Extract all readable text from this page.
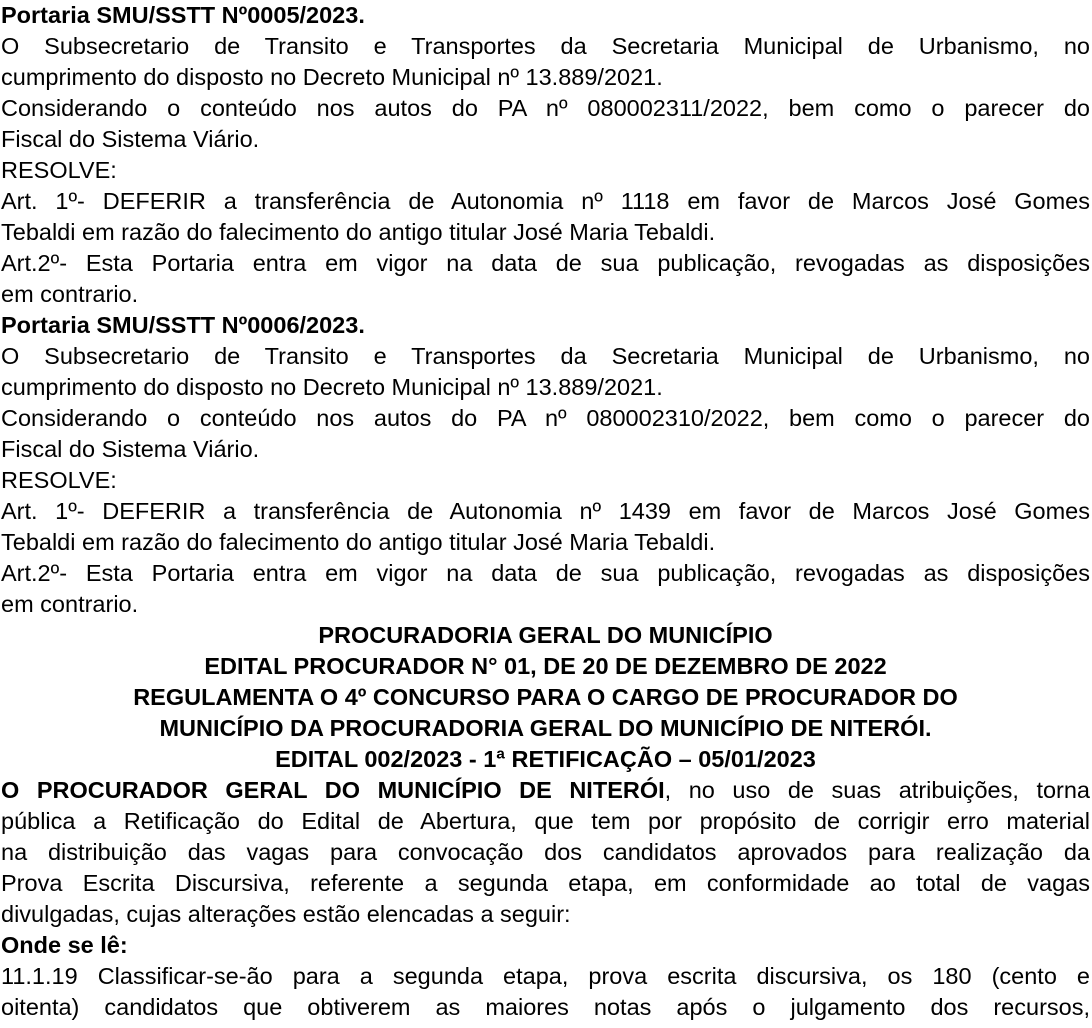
Portaria SMU/SSTT Nº0005/2023.

O Subsecretario de Transito e Transportes da Secretaria Municipal de Urbanismo, no

cumprimento do disposto no Decreto Municipal nº 13.889/2021.

Considerando o conteúdo nos autos do PA nº 080002311/2022, bem como o parecer do

Fiscal do Sistema Viário.

RESOLVE:

Art. 1º- DEFERIR a transferência de Autonomia nº 1118 em favor de Marcos José Gomes

Tebaldi em razão do falecimento do antigo titular José Maria Tebaldi.

Art.2º- Esta Portaria entra em vigor na data de sua publicação, revogadas as disposições

em contrario.

Portaria SMU/SSTT Nº0006/2023.

O Subsecretario de Transito e Transportes da Secretaria Municipal de Urbanismo, no

cumprimento do disposto no Decreto Municipal nº 13.889/2021.

Considerando o conteúdo nos autos do PA nº 080002310/2022, bem como o parecer do

Fiscal do Sistema Viário.

RESOLVE:

Art. 1º- DEFERIR a transferência de Autonomia nº 1439 em favor de Marcos José Gomes

Tebaldi em razão do falecimento do antigo titular José Maria Tebaldi.

Art.2º- Esta Portaria entra em vigor na data de sua publicação, revogadas as disposições

em contrario.

PROCURADORIA GERAL DO MUNICÍPIO

EDITAL PROCURADOR N° 01, DE 20 DE DEZEMBRO DE 2022

REGULAMENTA O 4º CONCURSO PARA O CARGO DE PROCURADOR DO

MUNICÍPIO DA PROCURADORIA GERAL DO MUNICÍPIO DE NITERÓI.

EDITAL 002/2023 - 1ª RETIFICAÇÃO – 05/01/2023

O PROCURADOR GERAL DO MUNICÍPIO DE NITERÓI, no uso de suas atribuições, torna

pública a Retificação do Edital de Abertura, que tem por propósito de corrigir erro material

na distribuição das vagas para convocação dos candidatos aprovados para realização da

Prova Escrita Discursiva, referente a segunda etapa, em conformidade ao total de vagas

divulgadas, cujas alterações estão elencadas a seguir:

Onde se lê:

11.1.19 Classificar-se-ão para a segunda etapa, prova escrita discursiva, os 180 (cento e

oitenta) candidatos que obtiverem as maiores notas após o julgamento dos recursos,
